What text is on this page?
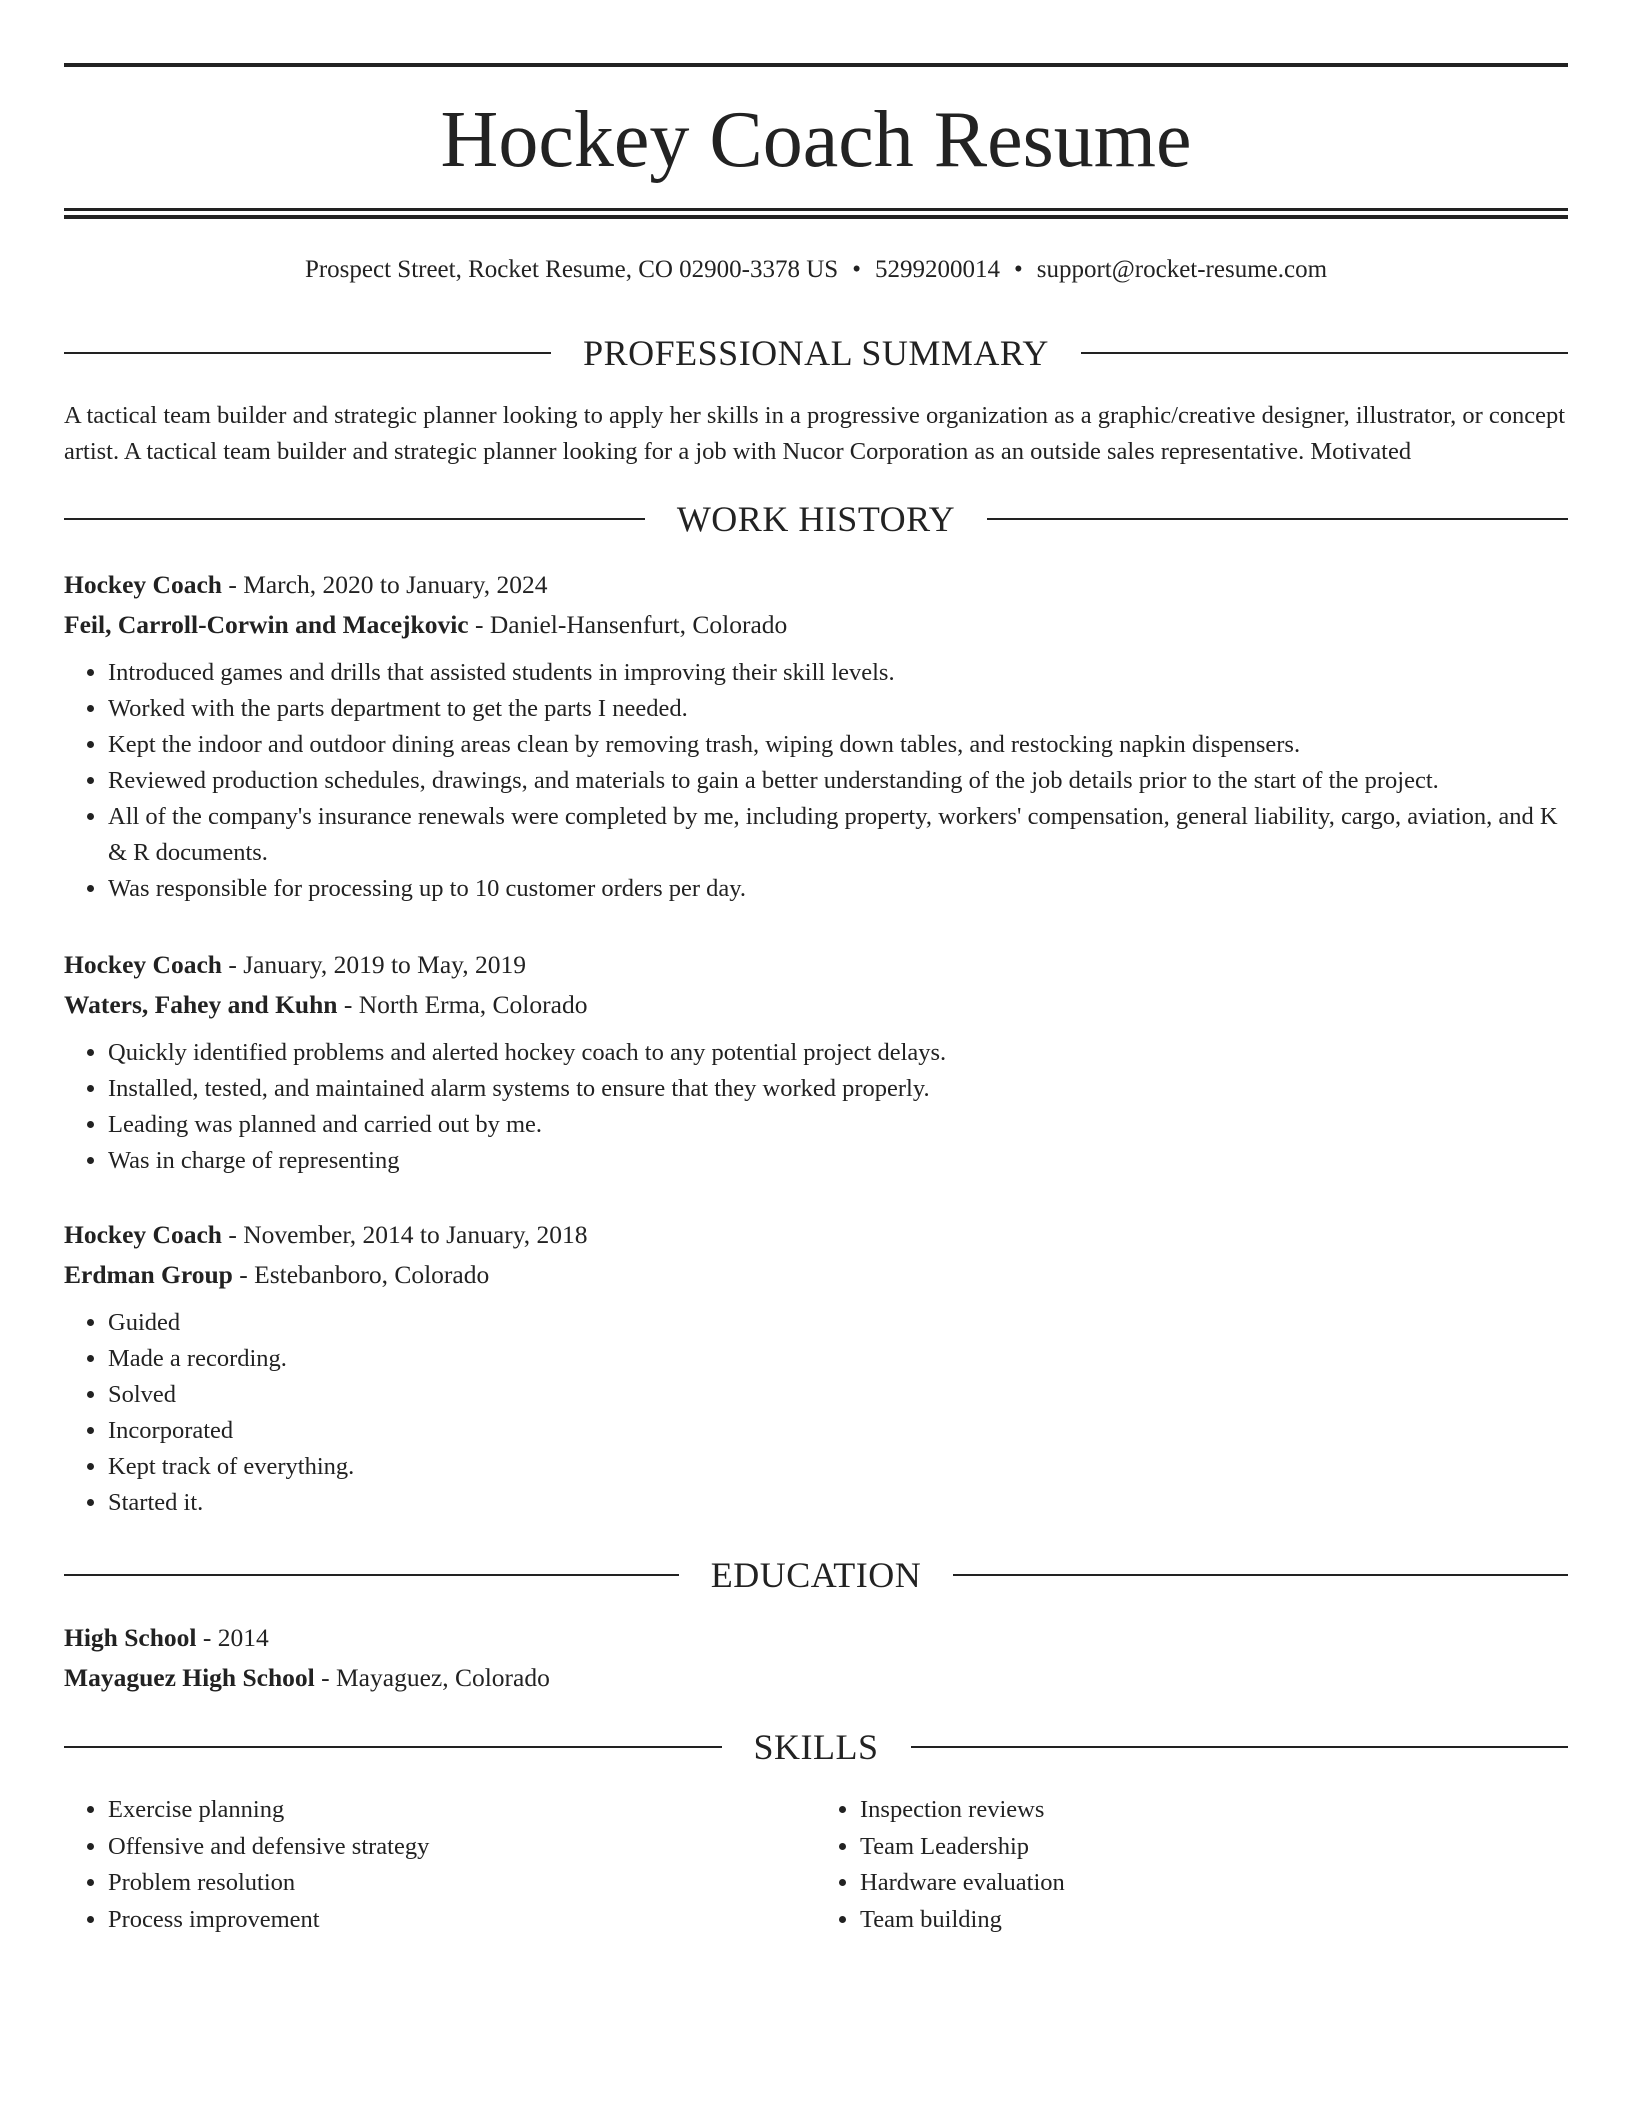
Hockey Coach Resume
Prospect Street, Rocket Resume, CO 02900-3378 US • 5299200014 • support@rocket-resume.com
PROFESSIONAL SUMMARY

A tactical team builder and strategic planner looking to apply her skills in a progressive organization as a graphic/creative designer, illustrator, or concept artist. A tactical team builder and strategic planner looking for a job with Nucor Corporation as an outside sales representative. Motivated

WORK HISTORY
Hockey Coach - March, 2020 to January, 2024
Feil, Carroll-Corwin and Macejkovic - Daniel-Hansenfurt, Colorado
• Introduced games and drills that assisted students in improving their skill levels.
• Worked with the parts department to get the parts I needed.
• Kept the indoor and outdoor dining areas clean by removing trash, wiping down tables, and restocking napkin dispensers.
• Reviewed production schedules, drawings, and materials to gain a better understanding of the job details prior to the start of the project.
• All of the company's insurance renewals were completed by me, including property, workers' compensation, general liability, cargo, aviation, and K & R documents.
• Was responsible for processing up to 10 customer orders per day.
Hockey Coach - January, 2019 to May, 2019
Waters, Fahey and Kuhn - North Erma, Colorado
• Quickly identified problems and alerted hockey coach to any potential project delays.
• Installed, tested, and maintained alarm systems to ensure that they worked properly.
• Leading was planned and carried out by me.
• Was in charge of representing
Hockey Coach - November, 2014 to January, 2018
Erdman Group - Estebanboro, Colorado
• Guided
• Made a recording.
• Solved
• Incorporated
• Kept track of everything.
• Started it.
EDUCATION
High School - 2014
Mayaguez High School - Mayaguez, Colorado
SKILLS
• Exercise planning
• Offensive and defensive strategy
• Problem resolution
• Process improvement
• Inspection reviews
• Team Leadership
• Hardware evaluation
• Team building
